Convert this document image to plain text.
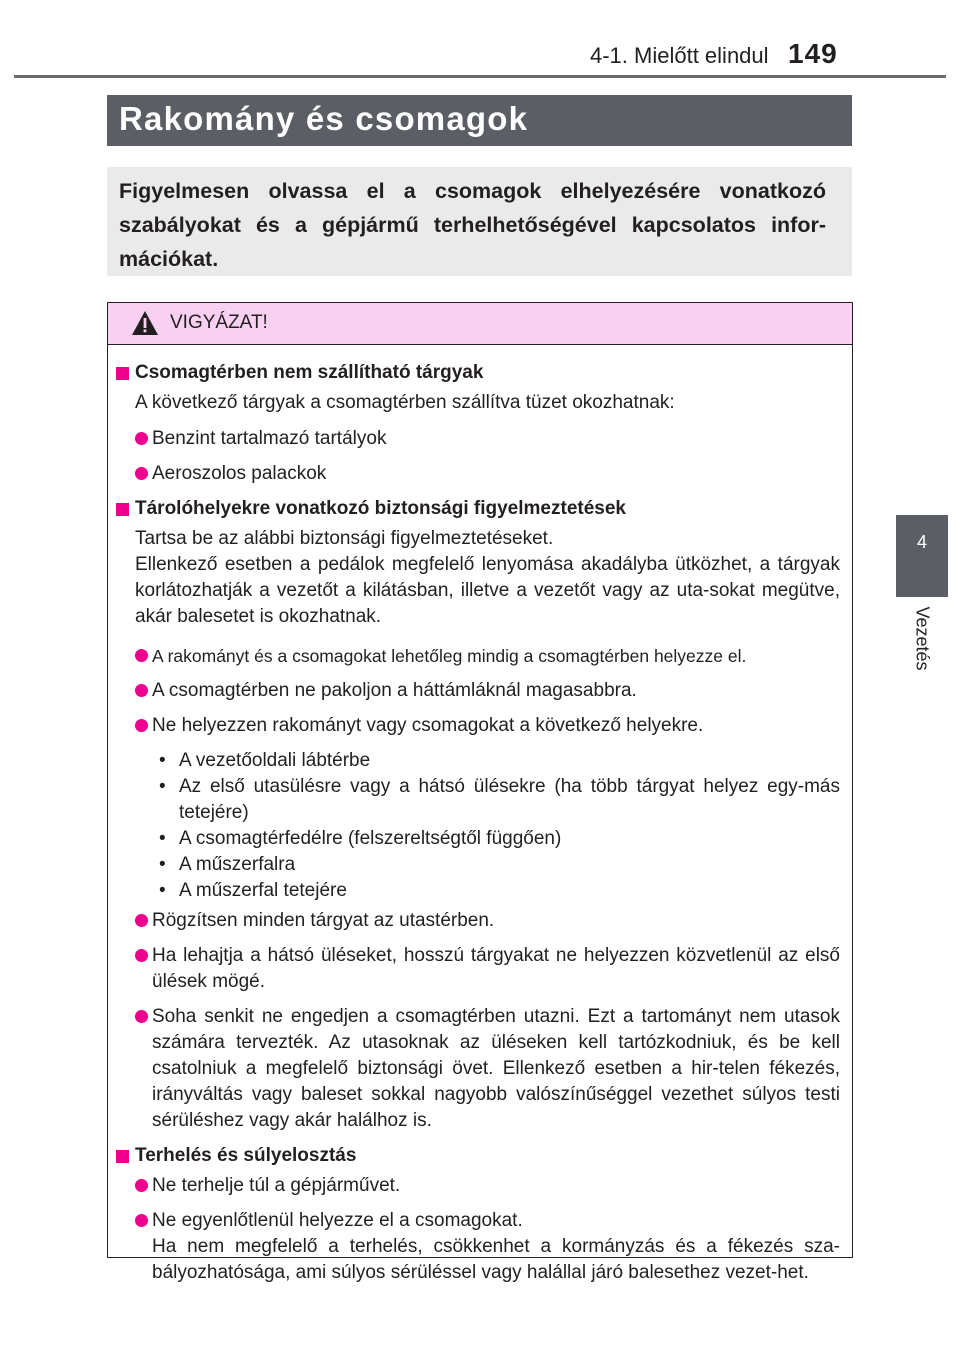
4-1. Mielőtt elindul 149
4
Vezetés
Rakomány és csomagok
Figyelmesen olvassa el a csomagok elhelyezésére vonatkozó szabályokat és a gépjármű terhelhetőségével kapcsolatos infor-mációkat.
VIGYÁZAT!
Csomagtérben nem szállítható tárgyak
A következő tárgyak a csomagtérben szállítva tüzet okozhatnak:
Benzint tartalmazó tartályok
Aeroszolos palackok
Tárolóhelyekre vonatkozó biztonsági figyelmeztetések
Tartsa be az alábbi biztonsági figyelmeztetéseket.
Ellenkező esetben a pedálok megfelelő lenyomása akadályba ütközhet, a tárgyak korlátozhatják a vezetőt a kilátásban, illetve a vezetőt vagy az uta-sokat megütve, akár balesetet is okozhatnak.
A rakományt és a csomagokat lehetőleg mindig a csomagtérben helyezze el.
A csomagtérben ne pakoljon a háttámláknál magasabbra.
Ne helyezzen rakományt vagy csomagokat a következő helyekre.
• A vezetőoldali lábtérbe
• Az első utasülésre vagy a hátsó ülésekre (ha több tárgyat helyez egy-más tetejére)
• A csomagtérfedélre (felszereltségtől függően)
• A műszerfalra
• A műszerfal tetejére
Rögzítsen minden tárgyat az utastérben.
Ha lehajtja a hátsó üléseket, hosszú tárgyakat ne helyezzen közvetlenül az első ülések mögé.
Soha senkit ne engedjen a csomagtérben utazni. Ezt a tartományt nem utasok számára tervezték. Az utasoknak az üléseken kell tartózkodniuk, és be kell csatolniuk a megfelelő biztonsági övet. Ellenkező esetben a hir-telen fékezés, irányváltás vagy baleset sokkal nagyobb valószínűséggel vezethet súlyos testi sérüléshez vagy akár halálhoz is.
Terhelés és súlyelosztás
Ne terhelje túl a gépjárművet.
Ne egyenlőtlenül helyezze el a csomagokat.
Ha nem megfelelő a terhelés, csökkenhet a kormányzás és a fékezés sza-bályozhatósága, ami súlyos sérüléssel vagy halállal járó balesethez vezet-het.
